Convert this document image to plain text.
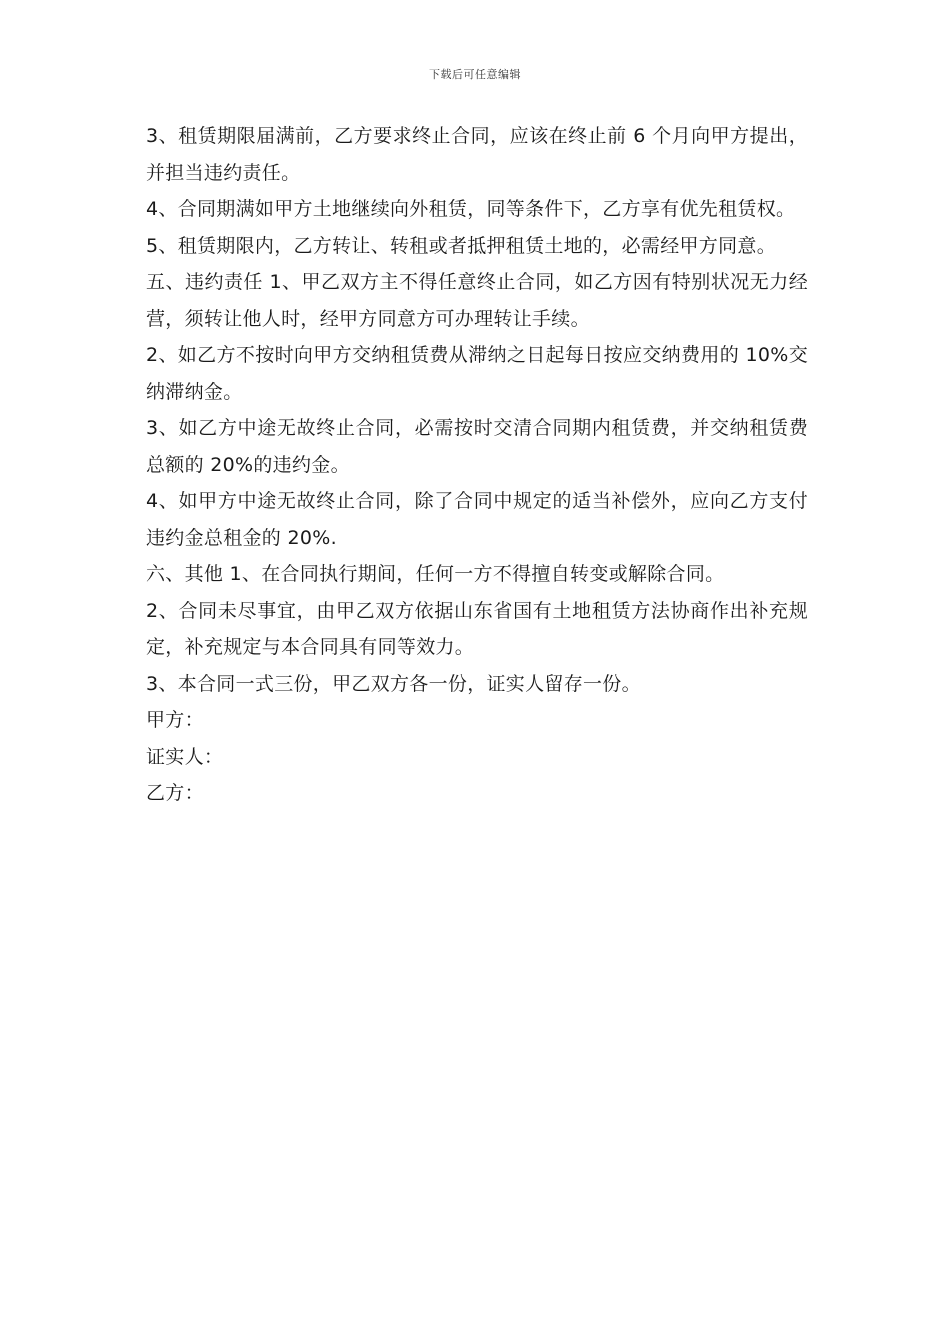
下载后可任意编辑

3、租赁期限届满前，乙方要求终止合同，应该在终止前 6 个月向甲方提出，并担当违约责任。

4、合同期满如甲方土地继续向外租赁，同等条件下，乙方享有优先租赁权。

5、租赁期限内，乙方转让、转租或者抵押租赁土地的，必需经甲方同意。

五、违约责任 1、甲乙双方主不得任意终止合同，如乙方因有特别状况无力经营，须转让他人时，经甲方同意方可办理转让手续。

2、如乙方不按时向甲方交纳租赁费从滞纳之日起每日按应交纳费用的 10%交纳滞纳金。

3、如乙方中途无故终止合同，必需按时交清合同期内租赁费，并交纳租赁费总额的 20%的违约金。

4、如甲方中途无故终止合同，除了合同中规定的适当补偿外，应向乙方支付违约金总租金的 20%.

六、其他 1、在合同执行期间，任何一方不得擅自转变或解除合同。

2、合同未尽事宜，由甲乙双方依据山东省国有土地租赁方法协商作出补充规定，补充规定与本合同具有同等效力。

3、本合同一式三份，甲乙双方各一份，证实人留存一份。

甲方：

证实人：

乙方：
